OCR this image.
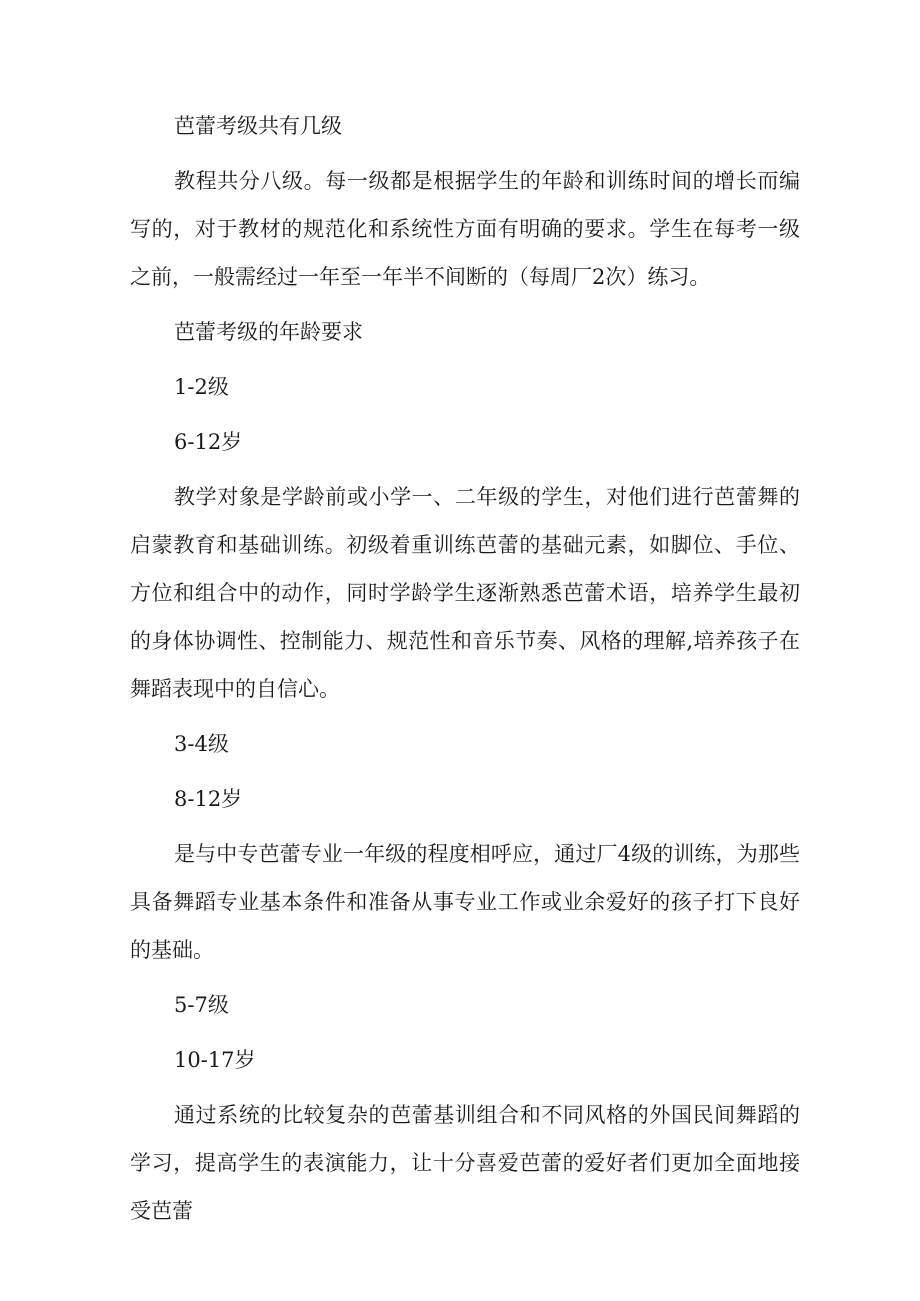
芭蕾考级共有几级

教程共分八级。每一级都是根据学生的年龄和训练时间的增长而编写的，对于教材的规范化和系统性方面有明确的要求。学生在每考一级之前，一般需经过一年至一年半不间断的（每周厂2次）练习。

芭蕾考级的年龄要求

1-2级

6-12岁

教学对象是学龄前或小学一、二年级的学生，对他们进行芭蕾舞的启蒙教育和基础训练。初级着重训练芭蕾的基础元素，如脚位、手位、方位和组合中的动作，同时学龄学生逐渐熟悉芭蕾术语，培养学生最初的身体协调性、控制能力、规范性和音乐节奏、风格的理解,培养孩子在舞蹈表现中的自信心。

3-4级

8-12岁

是与中专芭蕾专业一年级的程度相呼应，通过厂4级的训练，为那些具备舞蹈专业基本条件和准备从事专业工作或业余爱好的孩子打下良好的基础。

5-7级

10-17岁

通过系统的比较复杂的芭蕾基训组合和不同风格的外国民间舞蹈的学习，提高学生的表演能力，让十分喜爱芭蕾的爱好者们更加全面地接受芭蕾
